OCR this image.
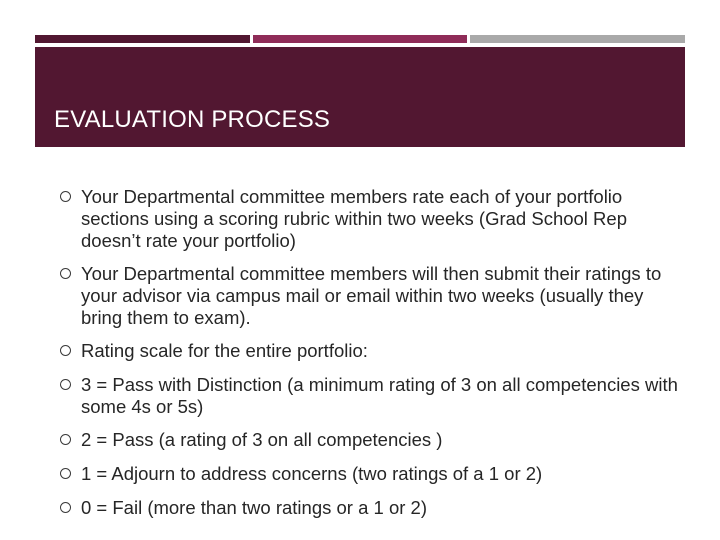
EVALUATION PROCESS
Your Departmental committee members rate each of your portfolio sections using a scoring rubric within two weeks (Grad School Rep doesn’t rate your portfolio)
Your Departmental committee members will then submit their ratings to your advisor via campus mail or email within two weeks (usually they bring them to exam).
Rating scale for the entire portfolio:
3 = Pass with Distinction (a minimum rating of 3 on all competencies with some 4s or 5s)
2 = Pass (a rating of 3 on all competencies )
1 = Adjourn to address concerns (two ratings of a 1 or 2)
0 = Fail (more than two ratings or a 1 or 2)
